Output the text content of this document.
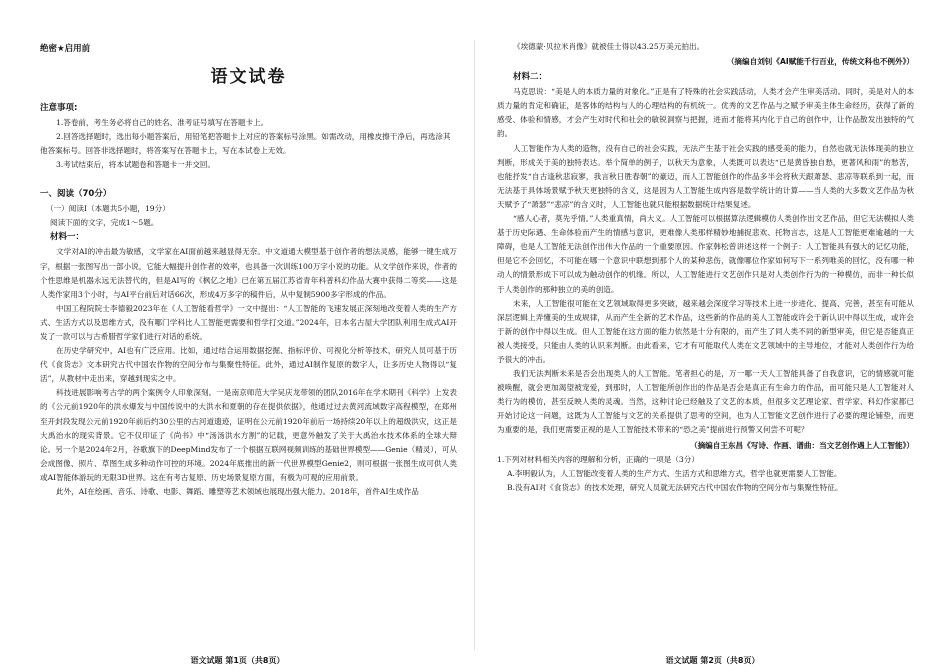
绝密★启用前

语文试卷

注意事项:

1.答卷前，考生务必将自己的姓名、准考证号填写在答题卡上。

2.回答选择题时，选出每小题答案后，用铅笔把答题卡上对应的答案标号涂黑。如需改动，用橡皮擦干净后，再选涂其他答案标号。回答非选择题时，将答案写在答题卡上，写在本试卷上无效。

3.考试结束后，将本试题卷和答题卡一并交回。

一、阅读（70分）

（一）阅读Ⅰ（本题共5小题，19分）

阅读下面的文字，完成1～5题。

材料一：

文学对AI的冲击最为敏感，文学家在AI面前越来越显得无奈。中文道通大模型基于创作者的想法灵感，能够一键生成万字，根据一张图写出一部小说，它能大幅提升创作者的效率，也具备一次训练100万字小说的功能。从文学创作来说，作者的个性思维是机器永远无法替代的，但是AI写的《枫亿之地》已在第五届江苏省青年科普科幻作品大赛中获得二等奖——这是人类作家用3个小时，与AI平台前后对话66次，形成4万多字的稿件后，从中复制5900多字形成的作品。

中国工程院院士李德毅2023年在《人工智能看哲学》一文中提出：“人工智能的飞速发展正深刻地改变着人类的生产方式、生活方式以及思维方式，没有哪门学科比人工智能更需要和哲学打交道。”2024年，日本名古屋大学团队利用生成式AI开发了一款可以与古希腊哲学家们进行对话的系统。

在历史学研究中，AI也有广泛应用。比如，通过结合运用数据挖掘、指标评价、可视化分析等技术，研究人员可基于历代《食货志》文本研究古代中国农作物的空间分布与集聚性特征。此外，通过AI制作复原的数字人，让多历史人物得以“复活”，从教材中走出来，穿越到现实之中。

科技进展影响考古学的两个案例令人印象深刻。一是南京师范大学吴庆龙带领的团队2016年在学术期刊《科学》上发表的《公元前1920年的洪水爆发与中国传说中的大洪水和夏朝的存在提供依据》，他通过过去黄河流域数字高程模型，在郑州至开封段发现公元前1920年前后约30公里的古河道遗迹，证明在公元前1920年前后一场持续20年以上的超级洪灾，这正是大禹治水的现实背景。它不仅印证了《尚书》中“汤汤洪水方割”的记载，更意外触发了关于大禹治水技术体系的全球大辩论。另一个是2024年2月，谷歌旗下的DeepMind发布了一个根据互联网视频训练的基础世界模型——Genie（精灵），可从会成图像、照片、草图生成多种动作可控的环境。2024年底推出的新一代世界模型Genie2，则可根据一张图生成可供人类或AI智能体游玩的无限3D世界。这在有考古复原、历史场景复原方面，有极为可观的应用前景。

此外，AI在绘画、音乐、诗歌、电影、舞蹈、雕塑等艺术领域也展现出强大能力。2018年，首件AI生成作品

语文试题 第1页（共8页）

《埃德蒙·贝拉米肖像》就被佳士得以43.25万美元拍出。

（摘编自刘钊《AI赋能千行百业，传统文科也不例外》）

材料二：

马克思说：“美是人的本质力量的对象化。”正是有了特殊的社会实践活动，人类才会产生审美活动。同时，美是对人的本质力量的肯定和确证，是客体的结构与人的心理结构的有机统一。优秀的文艺作品与之赋予审美主体生命经历，获得了新的感受、体验和情感，才会产生对时代和社会的敏锐洞察与把握，进而才能将其内化于自己的创作中，让作品散发出独特的气韵。

人工智能作为人类的造物，没有自己的社会实践，无法产生基于社会实践的感受美的能力，自然也就无法体现美的独立判断，形成关于美的独特表达。举个简单的例子，以秋天为意象，人类既可以表达“已是黄昏独自愁，更著风和雨”的愁苦，也能抒发“自古逢秋悲寂寥，我言秋日胜春朝”的豪迈，而人工智能创作的作品多半会将秋天跟萧瑟、悲凉等联系到一起，而无法基于具体场景赋予秋天更独特的含义，这是因为人工智能生成内容是数学统计的计算——当人类的大多数文艺作品为秋天赋予了“萧瑟”“悲凉”的含义时，人工智能也就只能根据数据统计结果复述。

“感人心者，莫先乎情。”人类重真情，尚大义。人工智能可以根据算法逻辑模仿人类创作出文艺作品，但它无法模拟人类基于历史际遇、生命体验而产生的情感与意识，更难像人类那样精妙地捕捉悲欢、托物言志，这是人工智能更难逾越的一大障碍，也是人工智能无法创作出伟大作品的一个重要原因。作家韩松曾讲述这样一个例子：人工智能具有强大的记忆功能，但是它不会回忆，不可能在哪一个意识中联想到那个人的某种悲伤，就像哪位作家如何写下一系列唯美的回忆，没有哪一种动人的情景形成下可以成为触动创作的机缘。所以，人工智能进行文艺创作只是对人类创作行为的一种模仿，而非一种长似于人类创作的那种独立的美的创造。

未来，人工智能很可能在文艺领域取得更多突破，越来越会深度学习等技术上进一步进化、提高、完善，甚至有可能从深层逻辑上弄懂美的生成规律，从而产生全新的艺术作品，这些新的作品的美人工智能或许会于新认识中得以生成，或许会于新的创作中得以生成。但人工智能在这方面的能力依然是十分有限的，而产生了同人类不同的新型审美，但它是否能真正被人类接受，只能由人类的认识来判断。由此看来，它才有可能取代人类在文艺领域中的主导地位，才能对人类创作行为给予很大的冲击。

我们无法判断未来是否会出现类人的人工智能。笔者担心的是，万一哪一天人工智能具备了自我意识，它的情感就可能被唤醒，就会更加渴望被宠爱，到那时，人工智能所创作出的作品是否会是真正有生命力的作品，而可能只是人工智能对人类行为的模仿，甚至反映人类的灵魂。当然，这种讨论已经触及了文艺的本质，但很多文艺理论家、哲学家、科幻作家都已开始讨论这一问题，这既为人工智能与文艺的关系提供了思考的空间，也为人工智能文艺创作进行了必要的理论铺垫，而更为重要的是，我们更需要正视的是人工智能技术带来的“恐之美”提前进行预警又何尝不可呢？

（摘编自王东昌《写诗、作画、谱曲：当文艺创作遇上人工智能》）

1.下列对材料相关内容的理解和分析，正确的一项是（3分）

A.李明毅认为，人工智能改变着人类的生产方式、生活方式和思维方式，哲学也就更需要人工智能。

B.没有AI对《食货志》的技术处理，研究人员就无法研究古代中国农作物的空间分布与集聚性特征。

语文试题 第2页（共8页）
